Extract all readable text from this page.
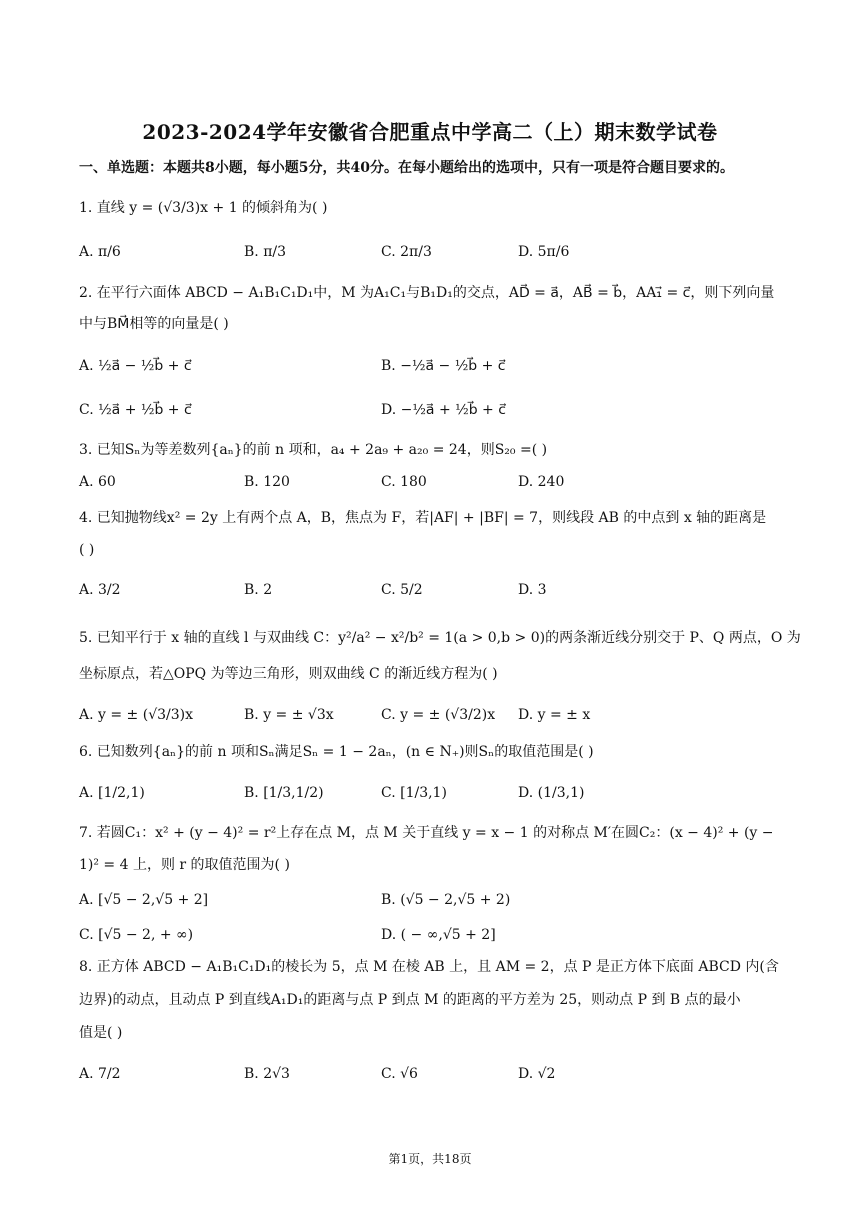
2023-2024学年安徽省合肥重点中学高二（上）期末数学试卷
一、单选题：本题共8小题，每小题5分，共40分。在每小题给出的选项中，只有一项是符合题目要求的。
1. 直线 y = (√3/3)x + 1 的倾斜角为( )
A. π/6	B. π/3	C. 2π/3	D. 5π/6
2. 在平行六面体 ABCD − A₁B₁C₁D₁中，M 为A₁C₁与B₁D₁的交点，AD⃗ = a⃗，AB⃗ = b⃗，AA₁⃗ = c⃗，则下列向量
中与BM⃗相等的向量是( )
A. ½a⃗ − ½b⃗ + c⃗	B. −½a⃗ − ½b⃗ + c⃗
C. ½a⃗ + ½b⃗ + c⃗	D. −½a⃗ + ½b⃗ + c⃗
3. 已知Sₙ为等差数列{aₙ}的前 n 项和，a₄ + 2a₉ + a₂₀ = 24，则S₂₀ =( )
A. 60	B. 120	C. 180	D. 240
4. 已知抛物线x² = 2y 上有两个点 A，B，焦点为 F，若|AF| + |BF| = 7，则线段 AB 的中点到 x 轴的距离是
( )
A. 3/2	B. 2	C. 5/2	D. 3
5. 已知平行于 x 轴的直线 l 与双曲线 C：y²/a² − x²/b² = 1(a > 0,b > 0)的两条渐近线分别交于 P、Q 两点，O 为
坐标原点，若△OPQ 为等边三角形，则双曲线 C 的渐近线方程为( )
A. y = ± (√3/3)x	B. y = ± √3x	C. y = ± (√3/2)x D. y = ± x
6. 已知数列{aₙ}的前 n 项和Sₙ满足Sₙ = 1 − 2aₙ，(n ∈ N₊)则Sₙ的取值范围是( )
A. [1/2,1)	B. [1/3,1/2)	C. [1/3,1)	D. (1/3,1)
7. 若圆C₁：x² + (y − 4)² = r²上存在点 M，点 M 关于直线 y = x − 1 的对称点 M′在圆C₂：(x − 4)² + (y −
1)² = 4 上，则 r 的取值范围为( )
A. [√5 − 2,√5 + 2]	B. (√5 − 2,√5 + 2)
C. [√5 − 2, + ∞)	D. ( − ∞,√5 + 2]
8. 正方体 ABCD − A₁B₁C₁D₁的棱长为 5，点 M 在棱 AB 上，且 AM = 2，点 P 是正方体下底面 ABCD 内(含
边界)的动点，且动点 P 到直线A₁D₁的距离与点 P 到点 M 的距离的平方差为 25，则动点 P 到 B 点的最小
值是( )
A. 7/2	B. 2√3	C. √6	D. √2
第1页，共18页
